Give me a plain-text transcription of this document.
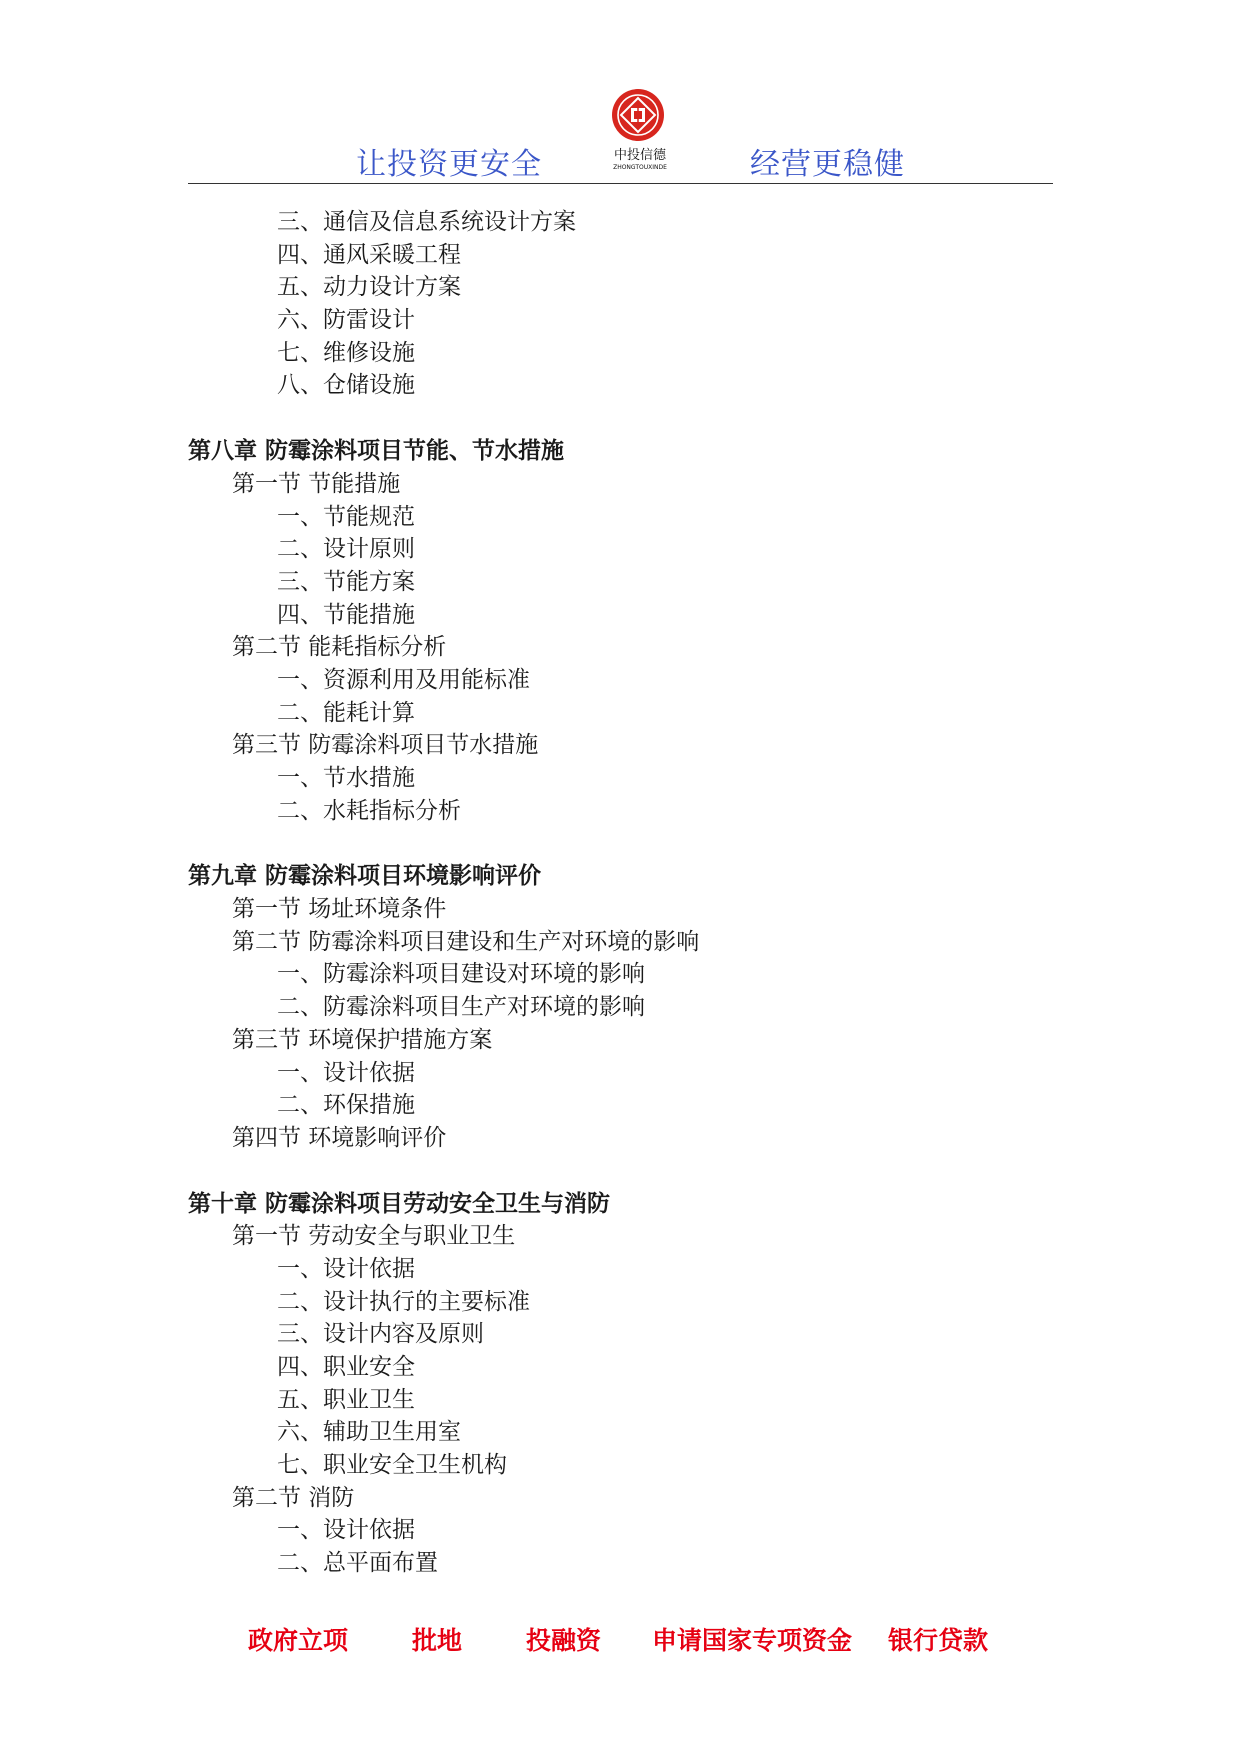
让投资更安全	中投信德
ZHONGTOUXINDE	经营更稳健
三、通信及信息系统设计方案
四、通风采暖工程
五、动力设计方案
六、防雷设计
七、维修设施
八、仓储设施
第八章 防霉涂料项目节能、节水措施
第一节 节能措施
一、节能规范
二、设计原则
三、节能方案
四、节能措施
第二节 能耗指标分析
一、资源利用及用能标准
二、能耗计算
第三节 防霉涂料项目节水措施
一、节水措施
二、水耗指标分析
第九章 防霉涂料项目环境影响评价
第一节 场址环境条件
第二节 防霉涂料项目建设和生产对环境的影响
一、防霉涂料项目建设对环境的影响
二、防霉涂料项目生产对环境的影响
第三节 环境保护措施方案
一、设计依据
二、环保措施
第四节 环境影响评价
第十章 防霉涂料项目劳动安全卫生与消防
第一节 劳动安全与职业卫生
一、设计依据
二、设计执行的主要标准
三、设计内容及原则
四、职业安全
五、职业卫生
六、辅助卫生用室
七、职业安全卫生机构
第二节 消防
一、设计依据
二、总平面布置
政府立项	批地	投融资 申请国家专项资金 银行贷款
